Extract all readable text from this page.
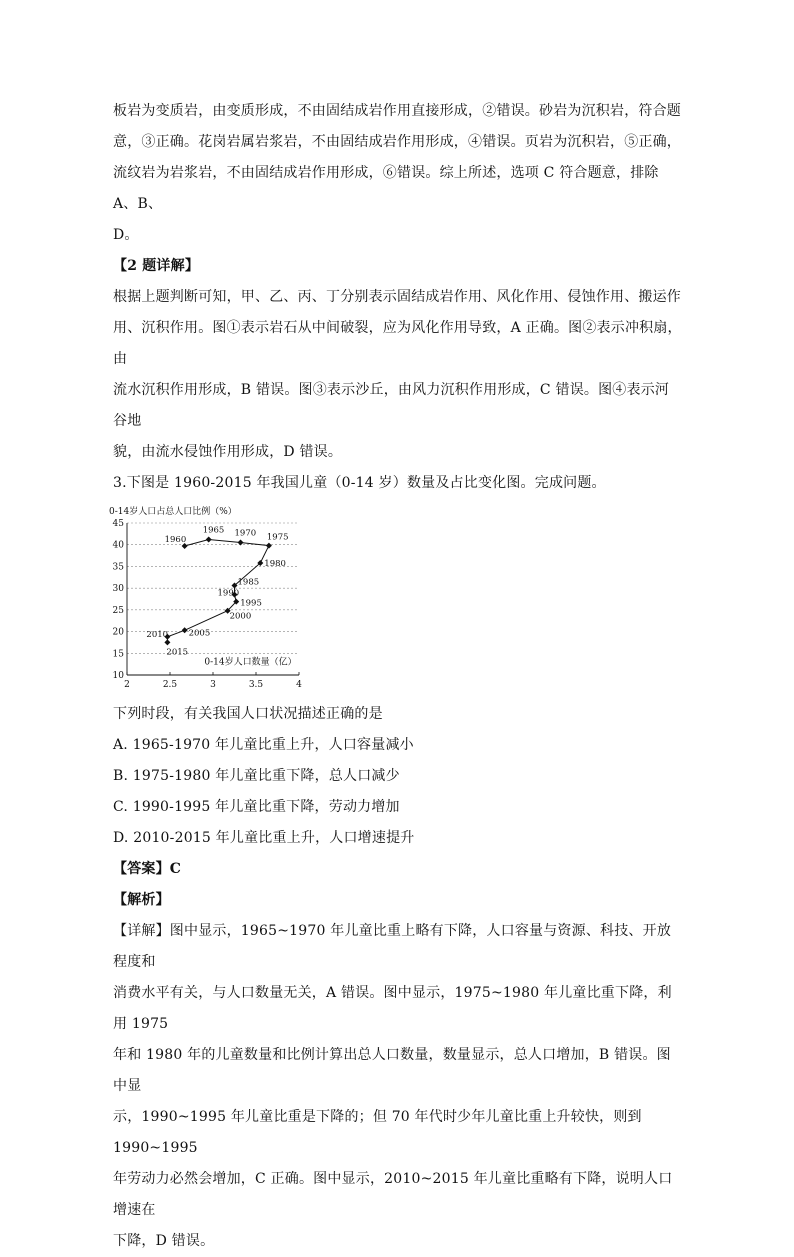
板岩为变质岩，由变质形成，不由固结成岩作用直接形成，②错误。砂岩为沉积岩，符合题

意，③正确。花岗岩属岩浆岩，不由固结成岩作用形成，④错误。页岩为沉积岩，⑤正确，

流纹岩为岩浆岩，不由固结成岩作用形成，⑥错误。综上所述，选项 C 符合题意，排除 A、B、

D。

【2 题详解】

根据上题判断可知，甲、乙、丙、丁分别表示固结成岩作用、风化作用、侵蚀作用、搬运作

用、沉积作用。图①表示岩石从中间破裂，应为风化作用导致，A 正确。图②表示冲积扇，由

流水沉积作用形成，B 错误。图③表示沙丘，由风力沉积作用形成，C 错误。图④表示河谷地

貌，由流水侵蚀作用形成，D 错误。

3.下图是 1960-2015 年我国儿童（0-14 岁）数量及占比变化图。完成问题。

0-14岁人口占总人口比例（%）
10
15
20
25
30
35
40
45
2	2.5	3	3.5	4
1960
1965 1970 1975
1980
1985
1990
1995
2000
2005
2010
2015
0-14岁人口数量（亿）

下列时段，有关我国人口状况描述正确的是

A. 1965-1970 年儿童比重上升，人口容量减小

B. 1975-1980 年儿童比重下降，总人口减少

C. 1990-1995 年儿童比重下降，劳动力增加

D. 2010-2015 年儿童比重上升，人口增速提升

【答案】C

【解析】

【详解】图中显示，1965~1970 年儿童比重上略有下降，人口容量与资源、科技、开放程度和

消费水平有关，与人口数量无关，A 错误。图中显示，1975~1980 年儿童比重下降，利用 1975

年和 1980 年的儿童数量和比例计算出总人口数量，数量显示，总人口增加，B 错误。图中显

示，1990~1995 年儿童比重是下降的；但 70 年代时少年儿童比重上升较快，则到 1990~1995

年劳动力必然会增加，C 正确。图中显示，2010~2015 年儿童比重略有下降，说明人口增速在

下降，D 错误。
